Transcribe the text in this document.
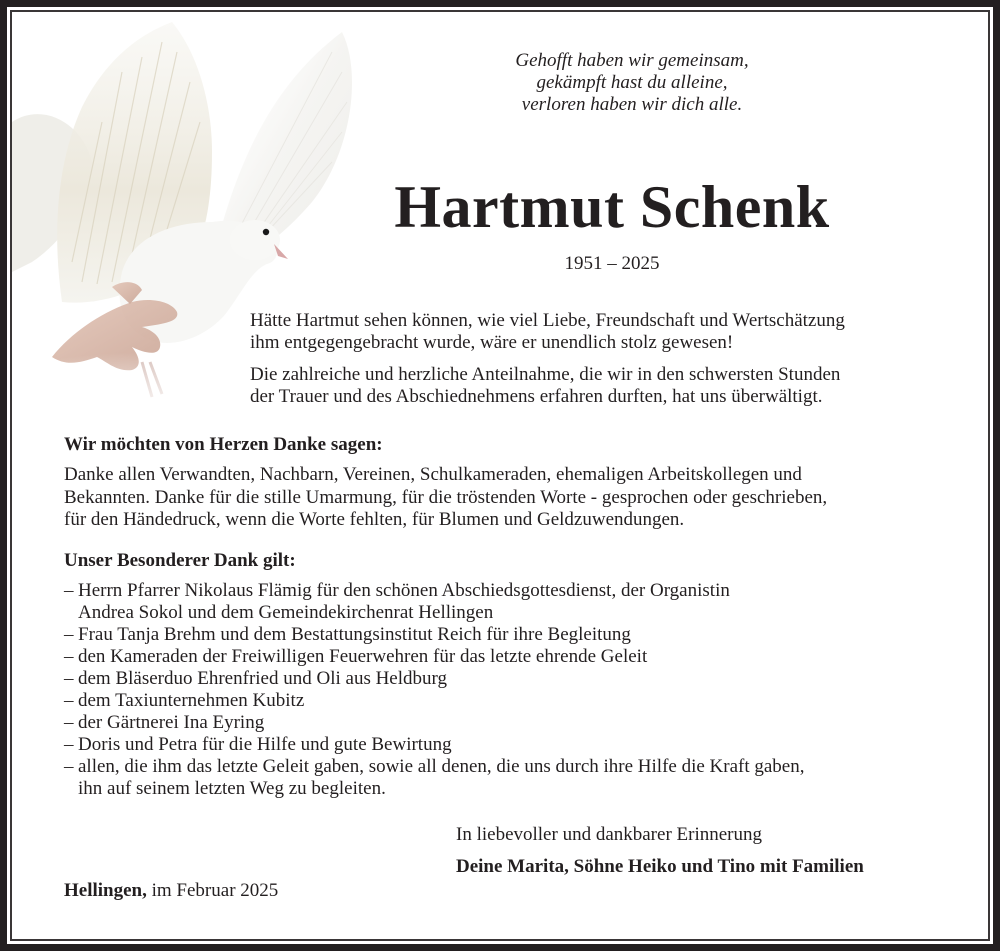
Gehofft haben wir gemeinsam,
gekämpft hast du alleine,
verloren haben wir dich alle.
Hartmut Schenk
1951 – 2025

Hätte Hartmut sehen können, wie viel Liebe, Freundschaft und Wertschätzung
ihm entgegengebracht wurde, wäre er unendlich stolz gewesen!

Die zahlreiche und herzliche Anteilnahme, die wir in den schwersten Stunden
der Trauer und des Abschiednehmens erfahren durften, hat uns überwältigt.

Wir möchten von Herzen Danke sagen:

Danke allen Verwandten, Nachbarn, Vereinen, Schulkameraden, ehemaligen Arbeitskollegen und
Bekannten. Danke für die stille Umarmung, für die tröstenden Worte - gesprochen oder geschrieben,
für den Händedruck, wenn die Worte fehlten, für Blumen und Geldzuwendungen.

Unser Besonderer Dank gilt:

– Herrn Pfarrer Nikolaus Flämig für den schönen Abschiedsgottesdienst, der Organistin
Andrea Sokol und dem Gemeindekirchenrat Hellingen
– Frau Tanja Brehm und dem Bestattungsinstitut Reich für ihre Begleitung
– den Kameraden der Freiwilligen Feuerwehren für das letzte ehrende Geleit
– dem Bläserduo Ehrenfried und Oli aus Heldburg
– dem Taxiunternehmen Kubitz
– der Gärtnerei Ina Eyring
– Doris und Petra für die Hilfe und gute Bewirtung
– allen, die ihm das letzte Geleit gaben, sowie all denen, die uns durch ihre Hilfe die Kraft gaben,
ihn auf seinem letzten Weg zu begleiten.
In liebevoller und dankbarer Erinnerung
Deine Marita, Söhne Heiko und Tino mit Familien
Hellingen, im Februar 2025
